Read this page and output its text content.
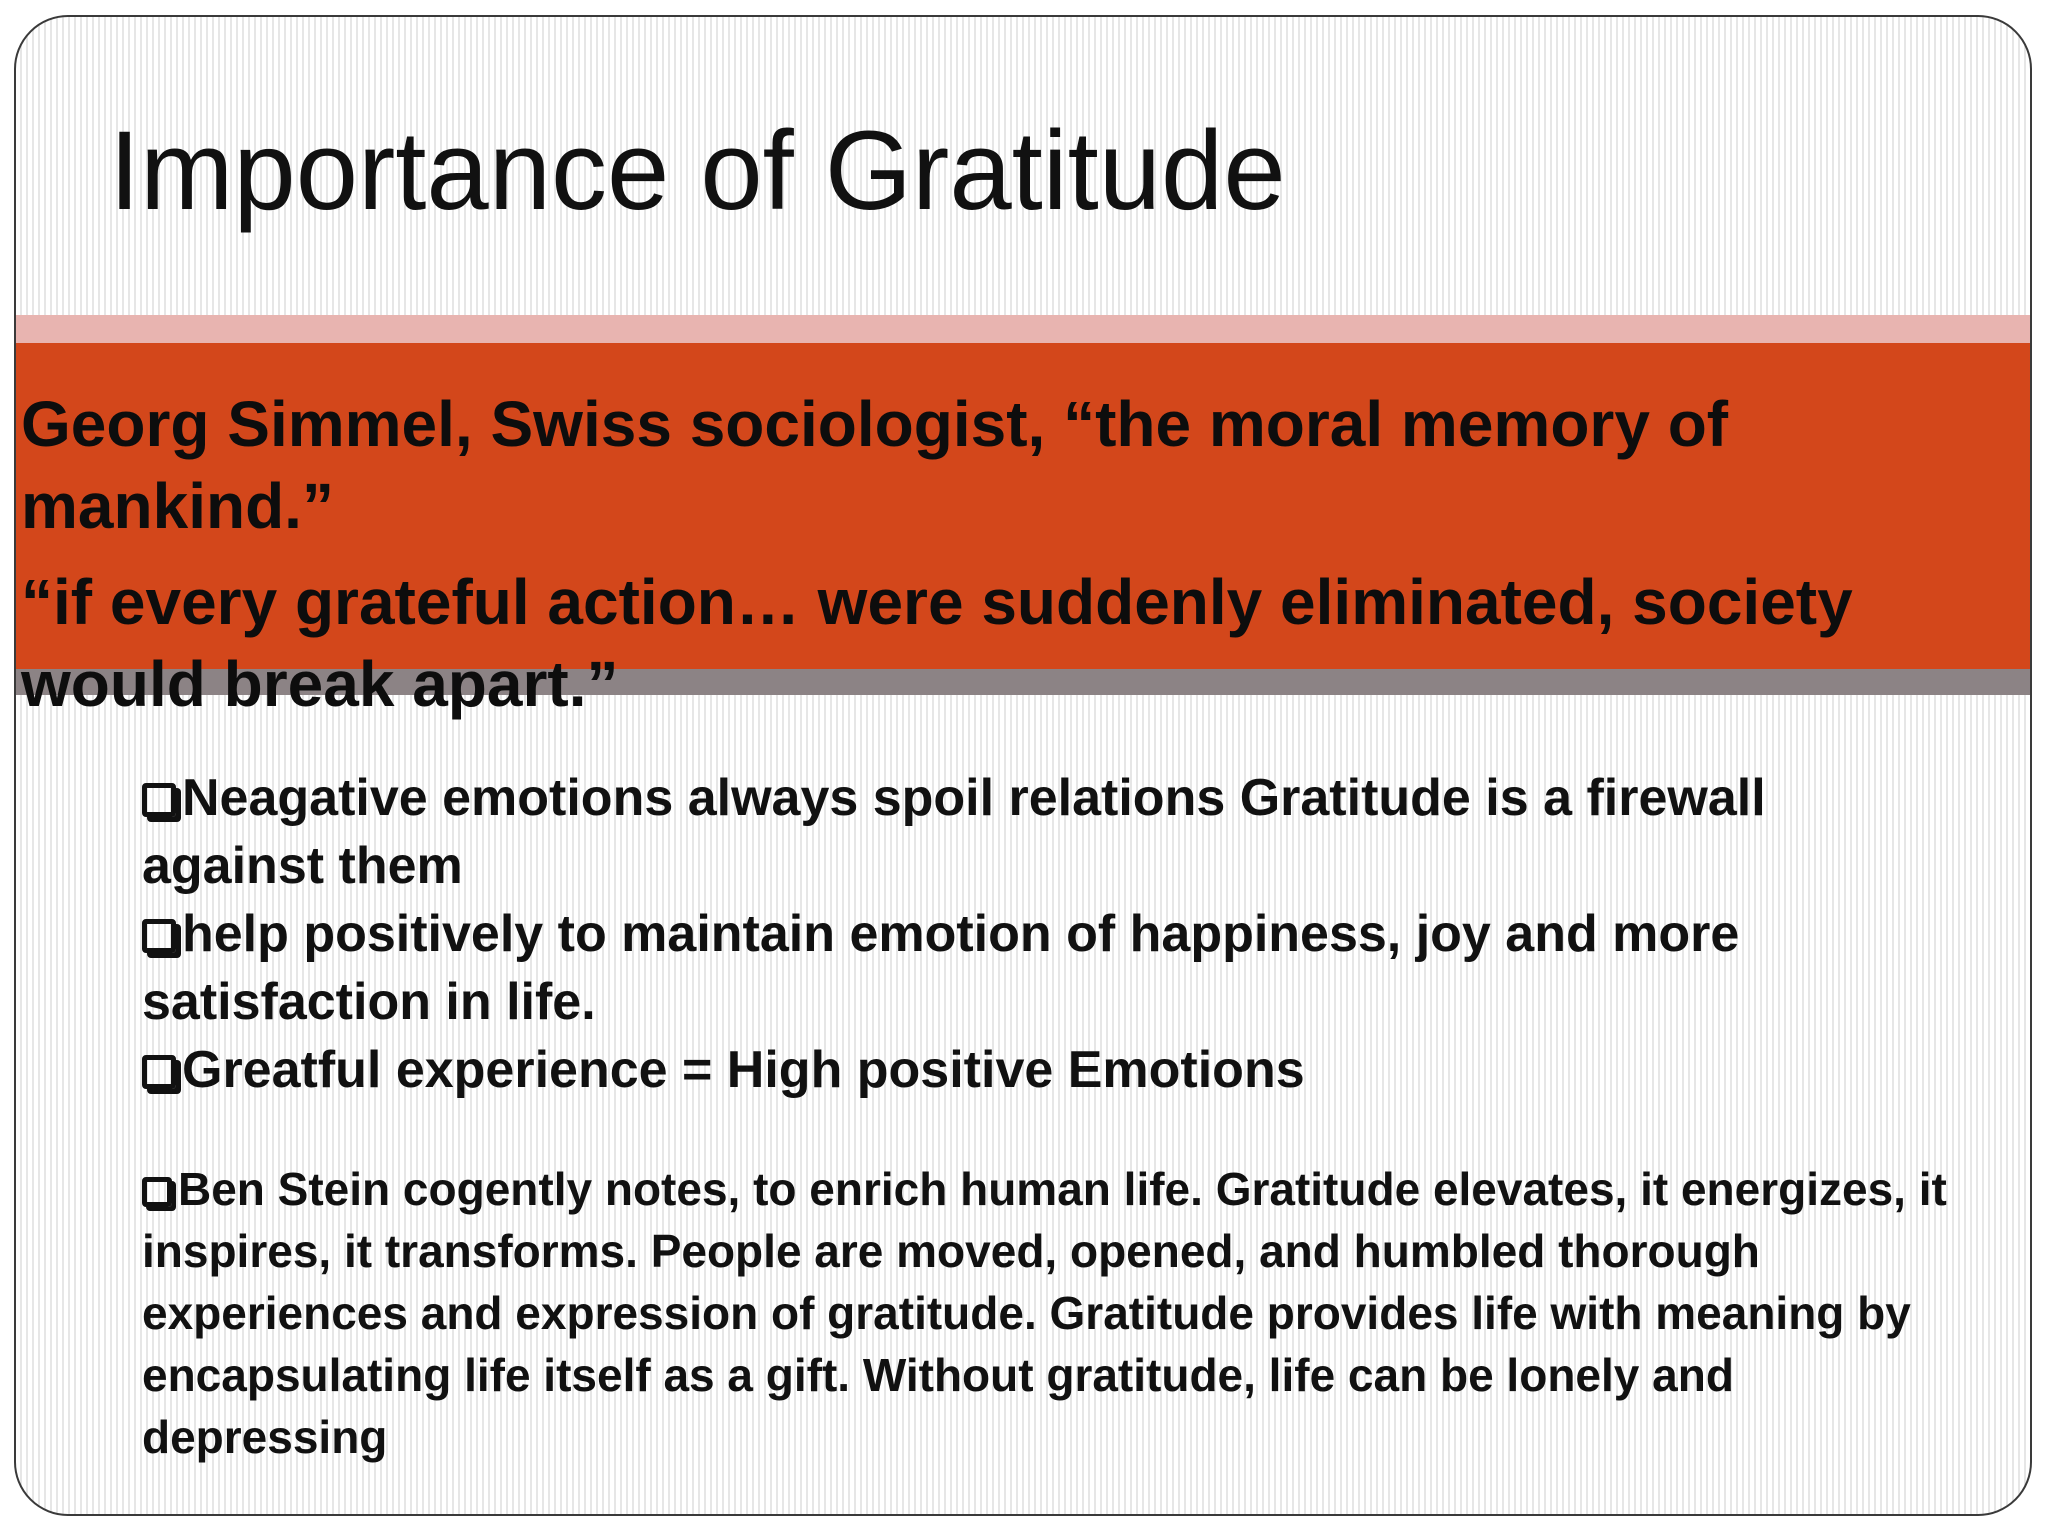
Importance of Gratitude

Georg Simmel, Swiss sociologist, “the moral memory of mankind.”

“if every grateful action… were suddenly eliminated, society would break apart.”

Neagative emotions always spoil relations Gratitude is a firewall against them

help positively to maintain emotion of happiness, joy and more satisfaction in life.

Greatful experience = High positive Emotions

Ben Stein cogently notes, to enrich human life. Gratitude elevates, it energizes, it inspires, it transforms. People are moved, opened, and humbled thorough experiences and expression of gratitude. Gratitude provides life with meaning by encapsulating life itself as a gift. Without gratitude, life can be lonely and depressing
